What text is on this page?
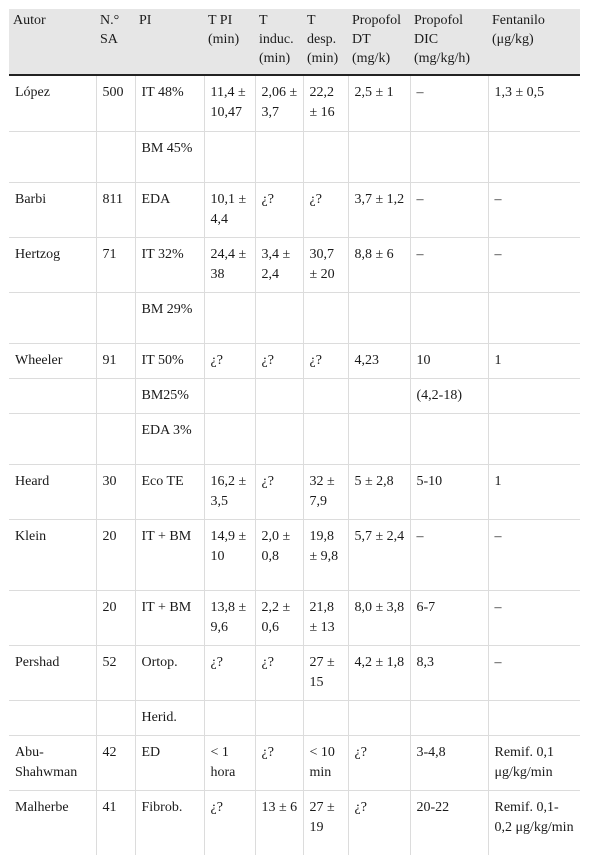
Autor	N.° SA	PI	T PI (min)	T induc. (min)	T desp. (min)	Propofol DT (mg/k)	Propofol DIC (mg/kg/h)	Fentanilo (μg/kg)
López	500	IT 48%	11,4 ± 10,47	2,06 ± 3,7	22,2 ± 16	2,5 ± 1	–	1,3 ± 0,5
		BM 45%						
Barbi	811	EDA	10,1 ± 4,4	¿?	¿?	3,7 ± 1,2	–	–
Hertzog	71	IT 32%	24,4 ± 38	3,4 ± 2,4	30,7 ± 20	8,8 ± 6	–	–
		BM 29%						
Wheeler	91	IT 50%	¿?	¿?	¿?	4,23	10	1
		BM25%					(4,2-18)	
		EDA 3%						
Heard	30	Eco TE	16,2 ± 3,5	¿?	32 ± 7,9	5 ± 2,8	5-10	1
Klein	20	IT + BM	14,9 ± 10	2,0 ± 0,8	19,8 ± 9,8	5,7 ± 2,4	–	–
	20	IT + BM	13,8 ± 9,6	2,2 ± 0,6	21,8 ± 13	8,0 ± 3,8	6-7	–
Pershad	52	Ortop.	¿?	¿?	27 ± 15	4,2 ± 1,8	8,3	–
		Herid.						
Abu-Shahwman	42	ED	< 1 hora	¿?	< 10 min	¿?	3-4,8	Remif. 0,1 μg/kg/min
Malherbe	41	Fibrob.	¿?	13 ± 6	27 ± 19	¿?	20-22	Remif. 0,1-0,2 μg/kg/min
